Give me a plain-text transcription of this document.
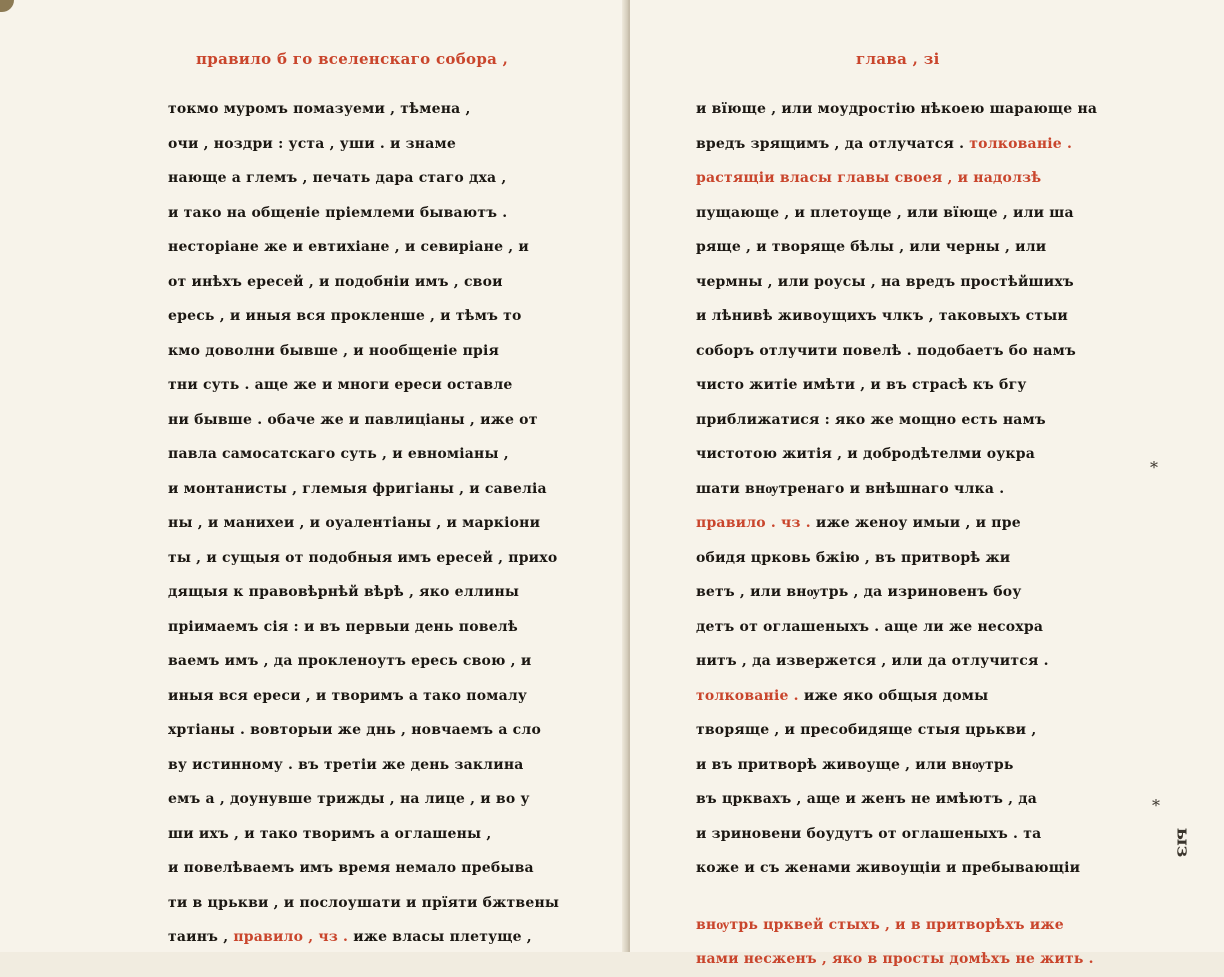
правило б го вселенскаго собора ,
токмо муромъ помазуеми , тѣмена ,
очи , ноздри : уста , уши . и знаме
нающе а глемъ , печать дара стаго дха ,
и тако на общеніе пріемлеми бываютъ .
несторіане же и евтихіане , и севиріане , и
от инѣхъ ересей , и подобніи имъ , свои
ересь , и иныя вся прокленше , и тѣмъ то
кмо доволни бывше , и нообщеніе прія
тни суть . аще же и многи ереси оставле
ни бывше . обаче же и павлиціаны , иже от
павла самосатскаго суть , и евноміаны ,
и монтанисты , глемыя фригіаны , и савеліа
ны , и манихеи , и оуалентіаны , и маркіони
ты , и сущыя от подобныя имъ ересей , прихо
дящыя к правовѣрнѣй вѣрѣ , яко еллины
пріимаемъ сія : и въ первыи день повелѣ
ваемъ имъ , да прокленоутъ ересь свою , и
иныя вся ереси , и творимъ а тако помалу
хртіаны . вовторыи же днь , новчаемъ а сло
ву истинному . въ третіи же день заклина
емъ а , доунувше трижды , на лице , и во у
ши ихъ , и тако творимъ а оглашены ,
и повелѣваемъ имъ время немало пребыва
ти в црькви , и послоушати и прїяти бжтвены
таинъ , правило , чз . иже власы плетуще ,
глава , зі
и вїюще , или моудростію нѣкоею шарающе на
вредъ зрящимъ , да отлучатся . толкованіе .
растящіи власы главы своея , и надолзѣ
пущающе , и плетоуще , или вїюще , или ша
ряще , и творяще бѣлы , или черны , или
чермны , или роусы , на вредъ простѣйшихъ
и лѣнивѣ живоущихъ члкъ , таковыхъ стыи
соборъ отлучити повелѣ . подобаетъ бо намъ
чисто житіе имѣти , и въ страсѣ къ бгу
приближатися : яко же мощно есть намъ
чистотою житія , и добродѣтелми оукра
шати внѹтренаго и внѣшнаго члка .
правило . чз . иже женоу имыи , и пре
обидя црковь бжію , въ притворѣ жи
ветъ , или внѹтрь , да изриновенъ боу
детъ от оглашеныхъ . аще ли же несохра
нитъ , да извержется , или да отлучится .
толкованіе . иже яко общыя домы
творяще , и пресобидяще стыя црькви ,
и въ притворѣ живоуще , или внѹтрь
въ црквахъ , аще и женъ не имѣютъ , да
и зриновени боудутъ от оглашеныхъ . та
коже и съ женами живоущіи и пребывающіи
внѹтрь црквей стыхъ , и в притворѣхъ иже
нами несженъ , яко в просты домѣхъ не жить .
*
*
ыз
